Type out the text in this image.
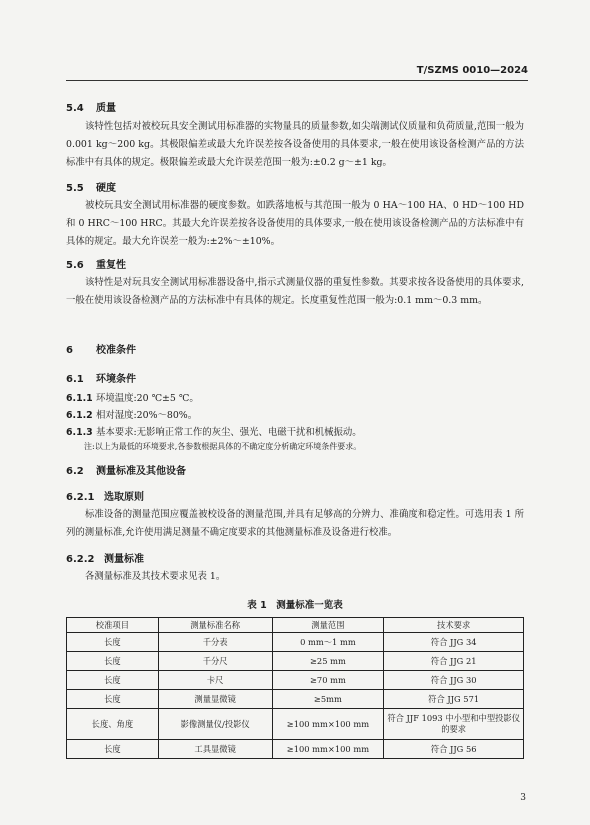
T/SZMS 0010—2024
5.4 质量

该特性包括对被校玩具安全测试用标准器的实物量具的质量参数,如尖端测试仪质量和负荷质量,范围一般为 0.001 kg～200 kg。其极限偏差或最大允许误差按各设备使用的具体要求,一般在使用该设备检测产品的方法标准中有具体的规定。极限偏差或最大允许误差范围一般为:±0.2 g～±1 kg。

5.5 硬度

被校玩具安全测试用标准器的硬度参数。如跌落地板与其范围一般为 0 HA～100 HA、0 HD～100 HD 和 0 HRC～100 HRC。其最大允许误差按各设备使用的具体要求,一般在使用该设备检测产品的方法标准中有具体的规定。最大允许误差一般为:±2%～±10%。

5.6 重复性

该特性是对玩具安全测试用标准器设备中,指示式测量仪器的重复性参数。其要求按各设备使用的具体要求,一般在使用该设备检测产品的方法标准中有具体的规定。长度重复性范围一般为:0.1 mm～0.3 mm。

6 校准条件
6.1 环境条件
6.1.1 环境温度:20 ℃±5 ℃。
6.1.2 相对湿度:20%～80%。
6.1.3 基本要求:无影响正常工作的灰尘、强光、电磁干扰和机械振动。
注:以上为最低的环境要求,各参数根据具体的不确定度分析确定环境条件要求。
6.2 测量标准及其他设备
6.2.1 选取原则

标准设备的测量范围应覆盖被校设备的测量范围,并具有足够高的分辨力、准确度和稳定性。可选用表 1 所列的测量标准,允许使用满足测量不确定度要求的其他测量标准及设备进行校准。

6.2.2 测量标准

各测量标准及其技术要求见表 1。

表 1　测量标准一览表
校准项目	测量标准名称	测量范围	技术要求
长度	千分表	0 mm～1 mm	符合 JJG 34
长度	千分尺	≥25 mm	符合 JJG 21
长度	卡尺	≥70 mm	符合 JJG 30
长度	测量显微镜	≥5mm	符合 JJG 571
长度、角度	影像测量仪/投影仪	≥100 mm×100 mm	符合 JJF 1093 中小型和中型投影仪的要求
长度	工具显微镜	≥100 mm×100 mm	符合 JJG 56
3
